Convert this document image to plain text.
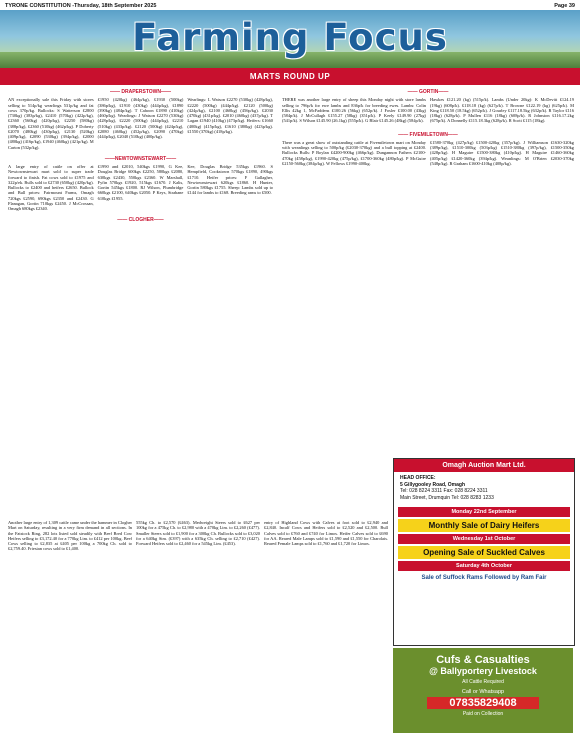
TYRONE CONSTITUTION -Thursday, 18th September 2025	Page 39
Farming Focus
MARTS ROUND UP
—— DRAPERSTOWN——

AN exceptionally sale this Friday with stores selling to 514p/kg wearlings 531p/kg and fat cows 370p/kg. Bullocks: S Watterson £2800 (730kg) (383p/kg), £2410 (570kg) (422p/kg), £2360 (560kg) (420p/kg), £2250 (580kg) (388p/kg), £2360 (510kg) (462p/kg). P Doherty £2070 (480kg) (430p/kg), £2130 (520kg) (409p/kg), £2090 (530kg) (394p/kg), £2000 (480kg) (416p/kg), £1940 (460kg) (421p/kg). M Carton (532p/kg).

£1950 (420kg) (464p/kg), £1930 (500kg) (386p/kg), £1910 (430kg) (444p/kg), £1890 (390kg) (484p/kg). T Cahoon £1890 (410kg) (460p/kg). Wearlings: J Watson £2270 (530kg) (428p/kg), £2220 (500kg) (444p/kg), £2210 (510kg) (433p/kg). £2120 (500kg) (424p/kg), £2080 (460kg) (452p/kg), £2090 (470kg) (444p/kg), £2040 (510kg) (400p/kg).

Wearlings: L Watson £2270 (530kg) (428p/kg), £2220 (500kg) (444p/kg). £2120 (500kg) (424p/kg), £2100 (460kg) (456p/kg). £2030 (470kg) (431p/kg). £2010 (460kg) (437p/kg). T Lagan £1940 (410kg) (473p/kg). Heifers: £1660 (400kg) (415p/kg), £1610 (380kg) (423p/kg). £1550 (370kg) (418p/kg).

——NEWTOWNSTEWART——

A large entry of cattle on offer at Newtownstewart mart sold to super trade forward to finish. Fat cows sold to £1975 and 322p/ek. Bulls sold to £2730 (650kg) (420p/kg). Bullocks to £2400 and heifers £2650. Bullock and Bull prices: Fairmount Farms, Omagh 720kgs £2590, 690kgs £2350 and £2430. G Flanagan, Gortin 710kgs £2450. J McCrossan, Omagh 680kgs £2340.

£1990 and £2010, 540kgs £1990, G Kee, Douglas Bridge 600kgs £2250, 580kgs £2080, 630kgs £2430, 550kgs £2360. W Marshall, Fyfin 570kgs £1920, 515kgs £1670. J Kalis, Gortin 545kgs £1800. RJ Wilson, Plumbridge 660kgs £2100, 640kgs £2050. P Keys, Strabane 610kgs £1955.

Kee, Douglas Bridge 535kgs £1960. S Hempfield, Cookstown 570kgs £1890, 490kgs £1710. Heifer prices: F Gallagher, Newtownstewart 620kgs £1860. H Hunter, Gortin 580kgs £1755. Sheep: Lambs sold up to £144 for lambs to £168. Breeding rams to £500.

—— CLOGHER——

Another large entry of 1,309 cattle came under the hammer in Clogher Mart on Saturday, resulting in a very firm demand in all sections. In the Fatstock Ring, 282 lots listed sold steadily with Beef Bred Cow Heifers selling to £3,172.40 for a 770kg Lim. to £412 per 100kg. Beef Cows selling to £2,835 at £405 per 100kg a 700kg Ch. sold to £2,759.40. Friesian cows sold to £1,400.

555kg Ch. to £2,570 (£463). Medweight Steers sold to £627 per 100kg for a 475kg Ch. to £2,980 with a 470kg Lim. to £2,260 (£477). Smaller Steers sold to £1,900 for a 300kg Ch. Bullocks sold to £3,020 for a 640kg Sim. (£397) with a 635kg Ch. selling to £2,710 (£427). Forward Heifers sold to £2,460 for a 545kg Lim. (£453).

entry of Highland Cows with Calves at foot sold to £2,940 and £2,840. Incalf Cows and Heifers sold to £2,520 and £2,500. Bull Calves sold to £760 and £740 for Limos. Heifer Calves sold to £690 for AA. Reared Male Lamps sold to £1,590 and £1,550 for Charolais. Reared Female Lamps sold to £1,760 and £1,720 for Limos.

—— GORTIN——

THERE was another large entry of sheep this Monday night with store lambs selling to 796p/k for ewe lambs and 836p/k for breeding ewes. Lambs: Colin Ellis 42kg 1, McFaddens £100.26 (56kg) (652p/k). J Fosler £100.00 (43kg) (584p/k). J McCullagh £155.27 (58kg) (351p/k). P Keely £149.90 (27kg) (541p/k). S Wilson £145.90 (26.1kg) (555p/k). G Blair £145.26 (48kg) (584p/k).

Hawkes £121.20 (kg) (515p/k). Lambs (Under 20kg): K McDevitt £124.19 (19kg) (608p/k). £118.18 (kg) (627p/k). T Browne £122.19 (kg) (625p/k). M King £118.50 (18.5kg) (652p/k). J Gourley £117.18.5kg (632p/k). R Taylor £116 (18kg) (628p/k). P Mullen £116 (18kg) (608p/k). R Johnston £116.17.2kg (675p/k). A Donnelly £115.18.3kg (628p/k). R Scott £115 (18kg).

—— FIVEMILETOWN——

There was a great show of outstanding cattle at Fivemiletown mart on Monday with weanlings selling to 500p/kg (£2030-370kg) and a bull topping at £2400. Bullocks Bulls: P Boylan £4200-900kg (466p/kg). Dungannon Fathers £2100-470kg (458p/kg), £1990-420kg (475p/kg), £1700-360kg (480p/kg). P McGuire £2150-560kg (384p/kg). W Fellows £1990-400kg.

£1580-370kg (427p/kg) £1500-420kg (357p/kg). J Williamson £1630-320kg (389p/kg), £1510-300kg (503p/kg) £1510-380kg (397p/kg), £1500-350kg (428p/kg). H Maguire £1500-380kg (410p/kg). H Maguire £1460-360kg (405p/kg) £1420-360kg (394p/kg). Weanlings: M O'Brien £2030-370kg (548p/kg). R Graham £1600-410kg (408p/kg).

Omagh Auction Mart Ltd.
HEAD OFFICE:
5 Gillygooley Road, Omagh
Tel: 028 8224 3311 Fax: 028 8224 3311
Main Street, Drumquin Tel: 028 8283 1233
Monday 22nd September
Monthly Sale of Dairy Heifers
Wednesday 1st October
Opening Sale of Suckled Calves
Saturday 4th October
Sale of Suffock Rams Followed by Ram Fair
Cufs & Casualties
@ Ballyportery Livestock
All Cattle Required
Call or Whatsapp
07835829408
Paid on Collection
